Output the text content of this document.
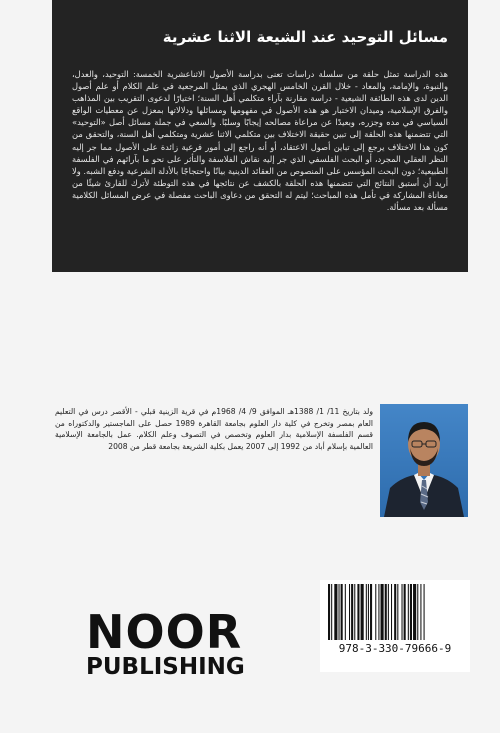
مسائل التوحيد عند الشيعة الاثنا عشرية

هذه الدراسة تمثل حلقة من سلسلة دراسات تعنى بدراسة الأصول الاثناعشرية الخمسة: التوحيد، والعدل، والنبوة، والإمامة، والمعاد - خلال القرن الخامس الهجري الذي يمثل المرجعية في علم الكلام أو علم أصول الدين لدى هذه الطائفة الشيعية - دراسة مقارنة بآراء متكلمي أهل السنة؛ اختيارًا لدعوى التقريب بين المذاهب والفرق الإسلامية، وميدان الاختبار هو هذه الأصول في مفهومها ومسائلها ودلالاتها بمعزل عن معطيات الواقع السياسي في مده وجزره، وبعيدًا عن مراعاة مصالحه إيجابًا وسلبًا. والسعي في جملة مسائل أصل «التوحيد» التي تتضمنها هذه الحلقة إلى تبين حقيقة الاختلاف بين متكلمي الاثنا عشرية ومتكلمي أهل السنة، والتحقق من كون هذا الاختلاف يرجع إلى تباين أصول الاعتقاد، أو أنه راجع إلى أمور فرعية زائدة على الأصول مما جر إليه النظر العقلي المجرد، أو البحث الفلسفي الذي جر إليه نقاش الفلاسفة والتأثر على نحو ما بآرائهم في الفلسفة الطبيعية؛ دون البحث المؤسس على المنصوص من العقائد الدينية بيانًا واحتجاجًا بالأدلة الشرعية ودفع الشبه. ولا أريد أن أستبق النتائج التي تتضمنها هذه الحلقة بالكشف عن نتائجها في هذه التوطئة لأترك للقارئ شيئًا من معاناة المشاركة في تأمل هذه المباحث؛ ليتم له التحقق من دعاوى الباحث مفصلة في عرض المسائل الكلامية مسألة بعد مسألة.

ولد بتاريخ 11/ 1/ 1388هـ الموافق 9/ 4/ 1968م في قرية الزينية قبلي - الأقصر درس في التعليم العام بمصر وتخرج في كلية دار العلوم بجامعة القاهرة 1989 حصل على الماجستير والدكتوراه من قسم الفلسفة الإسلامية بدار العلوم وتخصص في التصوف وعلم الكلام. عمل بالجامعة الإسلامية العالمية بإسلام أباد من 1992 إلى 2007 يعمل بكلية الشريعة بجامعة قطر من 2008

NOOR
PUBLISHING
978-3-330-79666-9
